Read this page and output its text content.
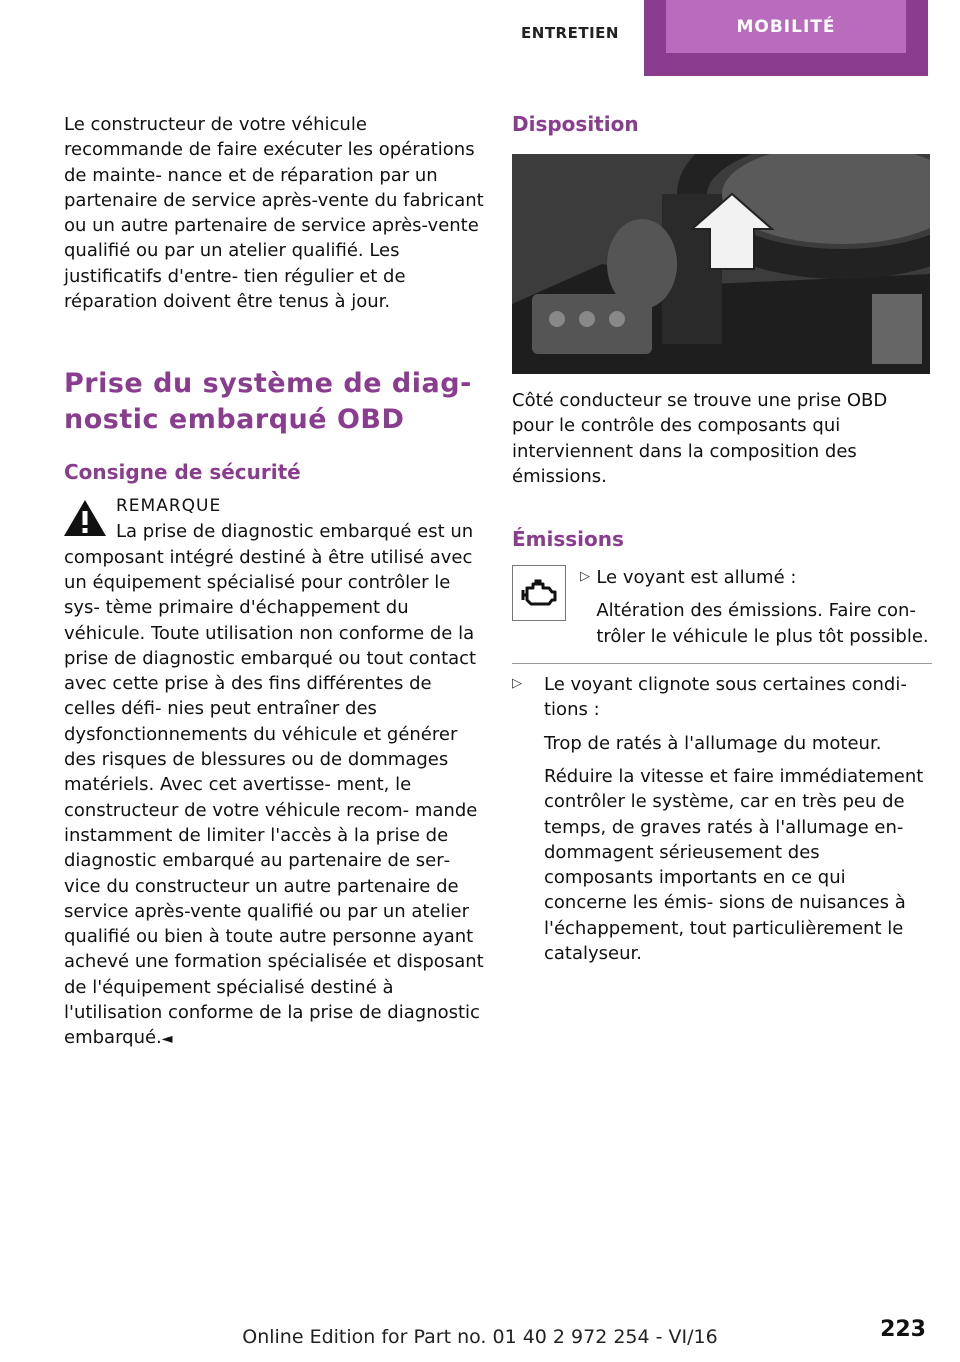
ENTRETIEN	MOBILITÉ

Le constructeur de votre véhicule recommande de faire exécuter les opérations de mainte‐ nance et de réparation par un partenaire de service après-vente du fabricant ou un autre partenaire de service après-vente qualifié ou par un atelier qualifié. Les justificatifs d'entre‐ tien régulier et de réparation doivent être tenus à jour.

Prise du système de diag‐ nostic embarqué OBD
Consigne de sécurité
REMARQUE

La prise de diagnostic embarqué est un

composant intégré destiné à être utilisé avec un équipement spécialisé pour contrôler le sys‐ tème primaire d'échappement du véhicule. Toute utilisation non conforme de la prise de diagnostic embarqué ou tout contact avec cette prise à des fins différentes de celles défi‐ nies peut entraîner des dysfonctionnements du véhicule et générer des risques de blessures ou de dommages matériels. Avec cet avertisse‐ ment, le constructeur de votre véhicule recom‐ mande instamment de limiter l'accès à la prise de diagnostic embarqué au partenaire de ser‐ vice du constructeur un autre partenaire de service après-vente qualifié ou par un atelier qualifié ou bien à toute autre personne ayant achevé une formation spécialisée et disposant de l'équipement spécialisé destiné à l'utilisation conforme de la prise de diagnostic embarqué.◄

Disposition

Côté conducteur se trouve une prise OBD pour le contrôle des composants qui interviennent dans la composition des émissions.

Émissions
▷ Le voyant est allumé :

Altération des émissions. Faire con‐ trôler le véhicule le plus tôt possible.

▷	Le voyant clignote sous certaines condi‐ tions :

Trop de ratés à l'allumage du moteur.

Réduire la vitesse et faire immédiatement contrôler le système, car en très peu de temps, de graves ratés à l'allumage en‐ dommagent sérieusement des composants importants en ce qui concerne les émis‐ sions de nuisances à l'échappement, tout particulièrement le catalyseur.

Online Edition for Part no. 01 40 2 972 254 - VI/16	223
